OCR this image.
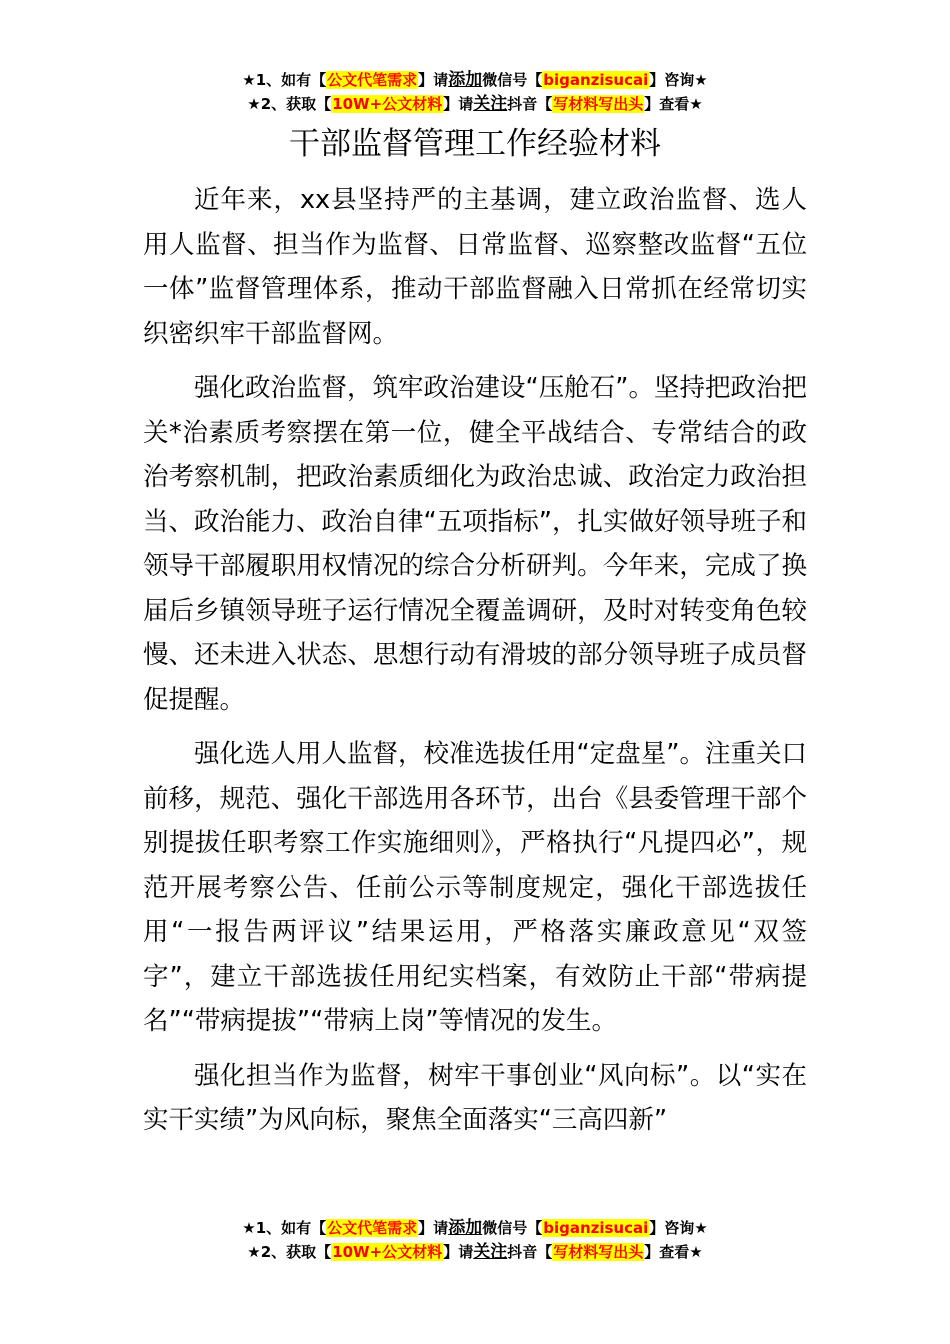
★1、如有【公文代笔需求】请添加微信号【biganzisucai】咨询★
★2、获取【10W+公文材料】请关注抖音【写材料写出头】查看★
干部监督管理工作经验材料

近年来，xx县坚持严的主基调，建立政治监督、选人用人监督、担当作为监督、日常监督、巡察整改监督“五位一体”监督管理体系，推动干部监督融入日常抓在经常切实织密织牢干部监督网。

强化政治监督，筑牢政治建设“压舱石”。坚持把政治把关*治素质考察摆在第一位，健全平战结合、专常结合的政治考察机制，把政治素质细化为政治忠诚、政治定力政治担当、政治能力、政治自律“五项指标”，扎实做好领导班子和领导干部履职用权情况的综合分析研判。今年来，完成了换届后乡镇领导班子运行情况全覆盖调研，及时对转变角色较慢、还未进入状态、思想行动有滑坡的部分领导班子成员督促提醒。

强化选人用人监督，校准选拔任用“定盘星”。注重关口前移，规范、强化干部选用各环节，出台《县委管理干部个别提拔任职考察工作实施细则》，严格执行“凡提四必”，规范开展考察公告、任前公示等制度规定，强化干部选拔任用“一报告两评议”结果运用，严格落实廉政意见“双签字”，建立干部选拔任用纪实档案，有效防止干部“带病提名”“带病提拔”“带病上岗”等情况的发生。

强化担当作为监督，树牢干事创业“风向标”。以“实在实干实绩”为风向标，聚焦全面落实“三高四新”

★1、如有【公文代笔需求】请添加微信号【biganzisucai】咨询★
★2、获取【10W+公文材料】请关注抖音【写材料写出头】查看★
